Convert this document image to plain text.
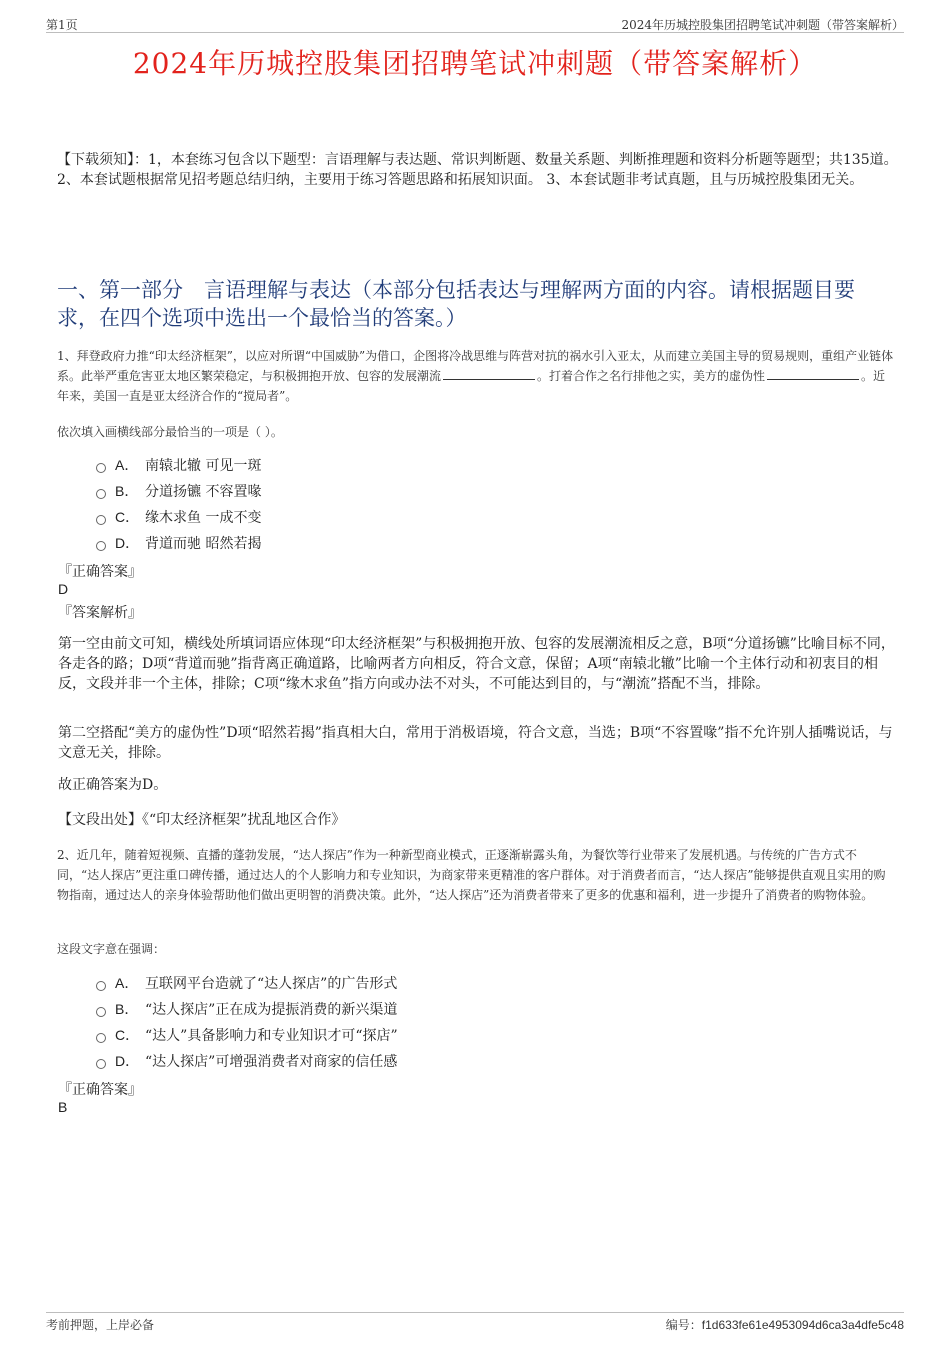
第1页	2024年历城控股集团招聘笔试冲刺题（带答案解析）
2024年历城控股集团招聘笔试冲刺题（带答案解析）
【下载须知】：1，本套练习包含以下题型：言语理解与表达题、常识判断题、数量关系题、判断推理题和资料分析题等题型；共135道。 2、本套试题根据常见招考题总结归纳，主要用于练习答题思路和拓展知识面。 3、本套试题非考试真题，且与历城控股集团无关。
一、第一部分　言语理解与表达（本部分包括表达与理解两方面的内容。请根据题目要求，在四个选项中选出一个最恰当的答案。）
1、拜登政府力推“印太经济框架”，以应对所谓“中国威胁”为借口，企图将冷战思维与阵营对抗的祸水引入亚太，从而建立美国主导的贸易规则，重组产业链体系。此举严重危害亚太地区繁荣稳定，与积极拥抱开放、包容的发展潮流	。打着合作之名行排他之实，美方的虚伪性	。近年来，美国一直是亚太经济合作的“搅局者”。
依次填入画横线部分最恰当的一项是（ ）。
A． 南辕北辙 可见一斑
B． 分道扬镳 不容置喙
C． 缘木求鱼 一成不变
D． 背道而驰 昭然若揭
『正确答案』
D
『答案解析』
第一空由前文可知，横线处所填词语应体现“印太经济框架”与积极拥抱开放、包容的发展潮流相反之意，B项“分道扬镳”比喻目标不同，各走各的路；D项“背道而驰”指背离正确道路，比喻两者方向相反，符合文意，保留；A项“南辕北辙”比喻一个主体行动和初衷目的相反，文段并非一个主体，排除；C项“缘木求鱼”指方向或办法不对头，不可能达到目的，与“潮流”搭配不当，排除。
第二空搭配“美方的虚伪性”D项“昭然若揭”指真相大白，常用于消极语境，符合文意，当选；B项“不容置喙”指不允许别人插嘴说话，与文意无关，排除。
故正确答案为D。
【文段出处】《“印太经济框架”扰乱地区合作》
2、近几年，随着短视频、直播的蓬勃发展，“达人探店”作为一种新型商业模式，正逐渐崭露头角，为餐饮等行业带来了发展机遇。与传统的广告方式不同，“达人探店”更注重口碑传播，通过达人的个人影响力和专业知识，为商家带来更精准的客户群体。对于消费者而言，“达人探店”能够提供直观且实用的购物指南，通过达人的亲身体验帮助他们做出更明智的消费决策。此外，“达人探店”还为消费者带来了更多的优惠和福利，进一步提升了消费者的购物体验。
这段文字意在强调：
A． 互联网平台造就了“达人探店”的广告形式
B． “达人探店”正在成为提振消费的新兴渠道
C． “达人”具备影响力和专业知识才可“探店”
D． “达人探店”可增强消费者对商家的信任感
『正确答案』
B
考前押题，上岸必备	编号：f1d633fe61e4953094d6ca3a4dfe5c48
